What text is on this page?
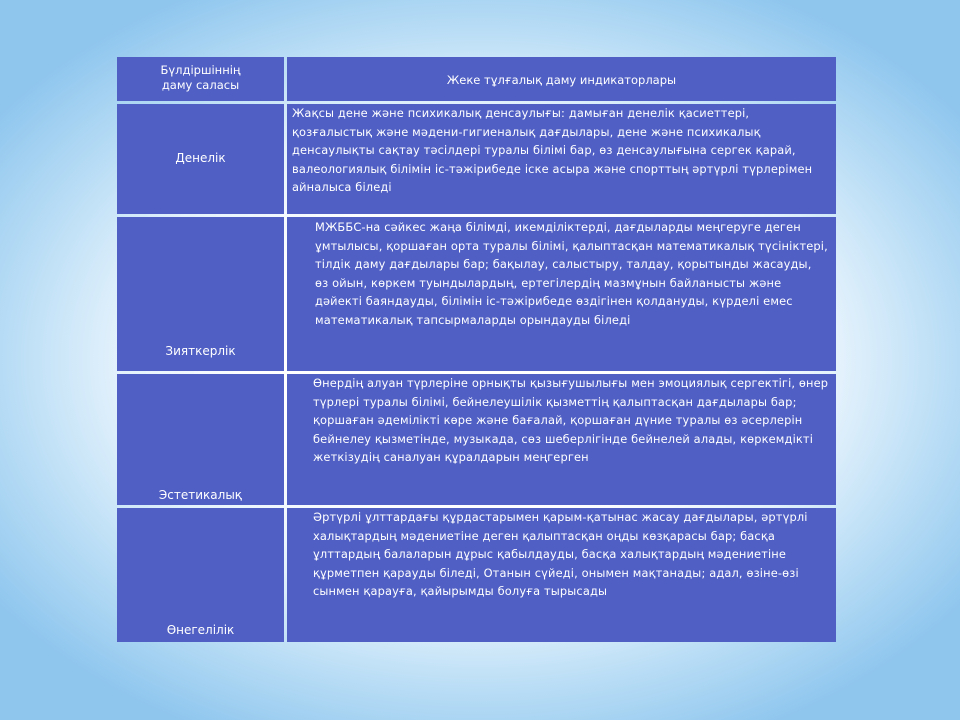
Бүлдіршіннің
даму саласы	Жеке тұлғалық даму индикаторлары
Денелік
Жақсы дене және психикалық денсаулығы: дамыған денелік қасиеттері, қозғалыстық және мәдени-гигиеналық дағдылары, дене және психикалық денсаулықты сақтау тәсілдері туралы білімі бар, өз денсаулығына сергек қарай, валеологиялық білімін іс-тәжірибеде іске асыра және спорттың әртүрлі түрлерімен айналыса біледі
Зияткерлік
МЖББС-на сәйкес жаңа білімді, икемділіктерді, дағдыларды меңгеруге деген ұмтылысы, қоршаған орта туралы білімі, қалыптасқан математикалық түсініктері, тілдік даму дағдылары бар; бақылау, салыстыру, талдау, қорытынды жасауды, өз ойын, көркем туындылардың, ертегілердің мазмұнын байланысты және дәйекті баяндауды, білімін іс-тәжірибеде өздігінен қолдануды, күрделі емес математикалық тапсырмаларды орындауды біледі
Эстетикалық
Өнердің алуан түрлеріне орнықты қызығушылығы мен эмоциялық сергектігі, өнер түрлері туралы білімі, бейнелеушілік қызметтің қалыптасқан дағдылары бар; қоршаған әдемілікті көре және бағалай, қоршаған дүние туралы өз әсерлерін бейнелеу қызметінде, музыкада, сөз шеберлігінде бейнелей алады, көркемдікті жеткізудің саналуан құралдарын меңгерген
Өнегелілік
Әртүрлі ұлттардағы құрдастарымен қарым-қатынас жасау дағдылары, әртүрлі халықтардың мәдениетіне деген қалыптасқан оңды көзқарасы бар; басқа ұлттардың балаларын дұрыс қабылдауды, басқа халықтардың мәдениетіне құрметпен қарауды біледі, Отанын сүйеді, онымен мақтанады; адал, өзіне-өзі сынмен қарауға, қайырымды болуға тырысады
